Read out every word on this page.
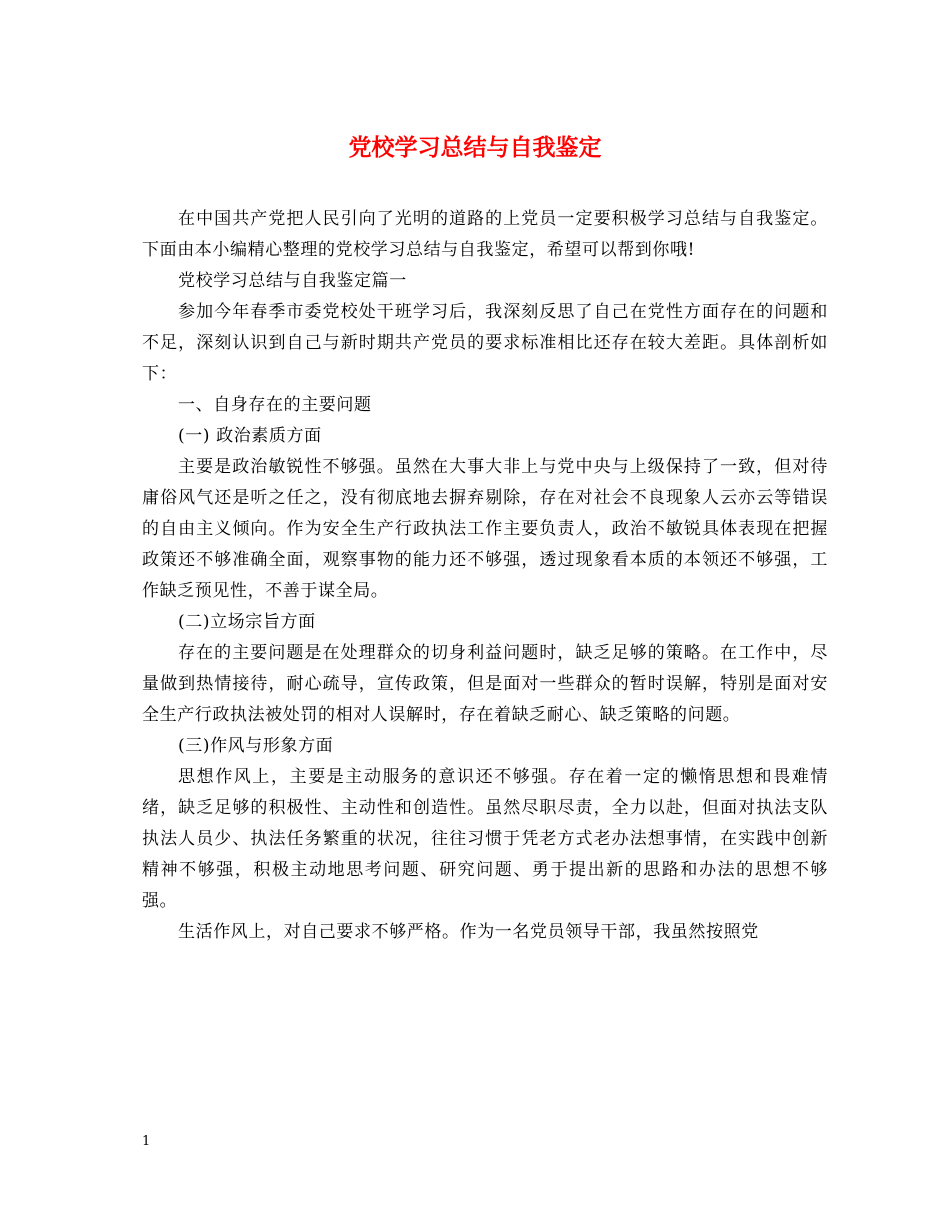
党校学习总结与自我鉴定

在中国共产党把人民引向了光明的道路的上党员一定要积极学习总结与自我鉴定。下面由本小编精心整理的党校学习总结与自我鉴定，希望可以帮到你哦!

党校学习总结与自我鉴定篇一

参加今年春季市委党校处干班学习后，我深刻反思了自己在党性方面存在的问题和不足，深刻认识到自己与新时期共产党员的要求标准相比还存在较大差距。具体剖析如下：

一、自身存在的主要问题

(一) 政治素质方面

主要是政治敏锐性不够强。虽然在大事大非上与党中央与上级保持了一致，但对待庸俗风气还是听之任之，没有彻底地去摒弃剔除，存在对社会不良现象人云亦云等错误的自由主义倾向。作为安全生产行政执法工作主要负责人，政治不敏锐具体表现在把握政策还不够准确全面，观察事物的能力还不够强，透过现象看本质的本领还不够强，工作缺乏预见性，不善于谋全局。

(二)立场宗旨方面

存在的主要问题是在处理群众的切身利益问题时，缺乏足够的策略。在工作中，尽量做到热情接待，耐心疏导，宣传政策，但是面对一些群众的暂时误解，特别是面对安全生产行政执法被处罚的相对人误解时，存在着缺乏耐心、缺乏策略的问题。

(三)作风与形象方面

思想作风上，主要是主动服务的意识还不够强。存在着一定的懒惰思想和畏难情绪，缺乏足够的积极性、主动性和创造性。虽然尽职尽责，全力以赴，但面对执法支队执法人员少、执法任务繁重的状况，往往习惯于凭老方式老办法想事情，在实践中创新精神不够强，积极主动地思考问题、研究问题、勇于提出新的思路和办法的思想不够强。

生活作风上，对自己要求不够严格。作为一名党员领导干部，我虽然按照党

1
